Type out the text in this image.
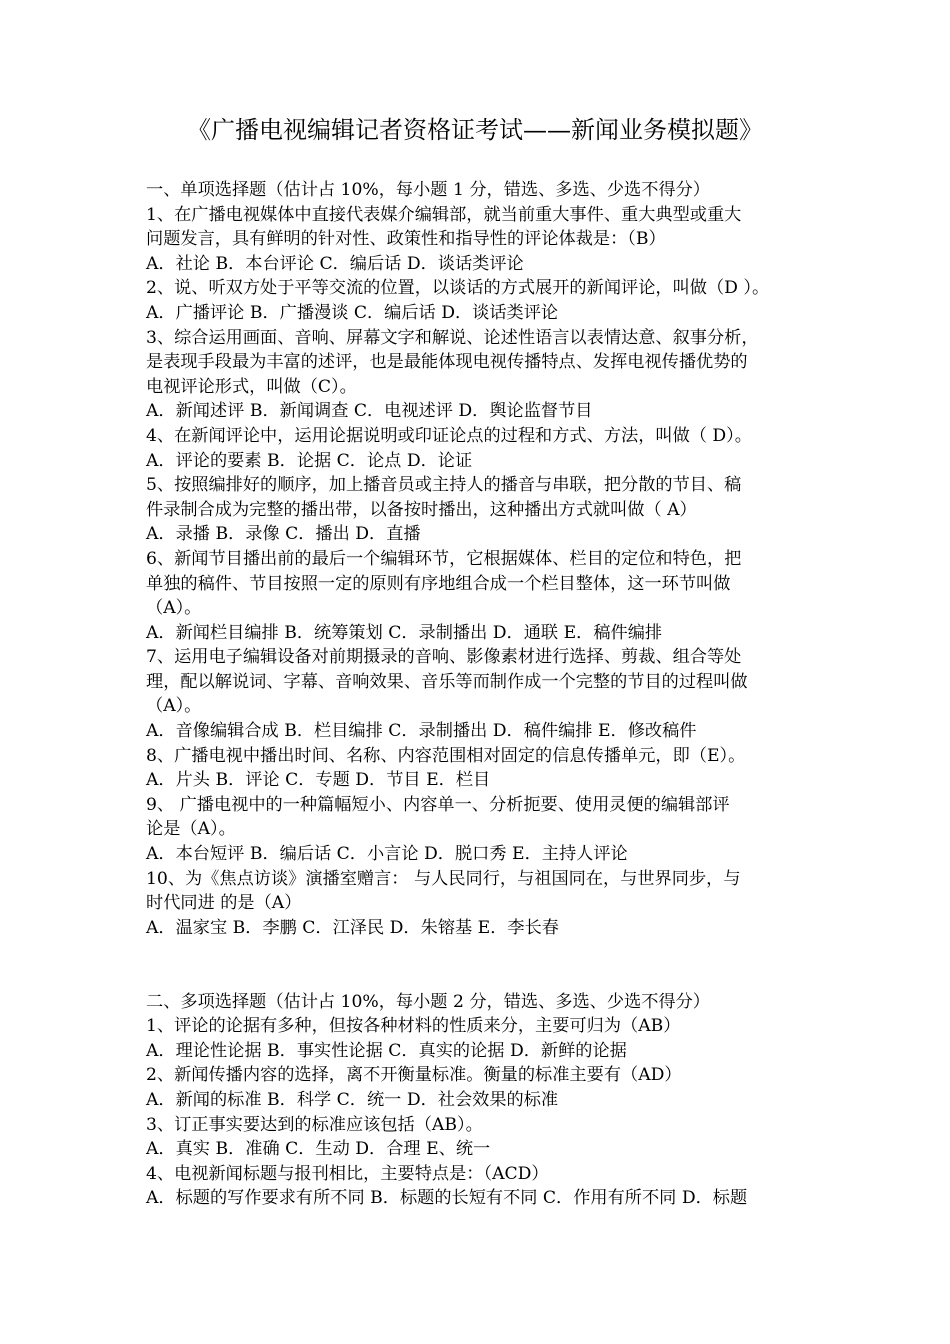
《广播电视编辑记者资格证考试——新闻业务模拟题》
一、单项选择题（估计占 10%，每小题 1 分，错选、多选、少选不得分）
1、在广播电视媒体中直接代表媒介编辑部，就当前重大事件、重大典型或重大
问题发言，具有鲜明的针对性、政策性和指导性的评论体裁是：（B）
A．社论 B．本台评论 C．编后话 D．谈话类评论
2、说、听双方处于平等交流的位置，以谈话的方式展开的新闻评论，叫做（D ）。
A．广播评论 B．广播漫谈 C．编后话 D．谈话类评论
3、综合运用画面、音响、屏幕文字和解说、论述性语言以表情达意、叙事分析，
是表现手段最为丰富的述评，也是最能体现电视传播特点、发挥电视传播优势的
电视评论形式，叫做（C）。
A．新闻述评 B．新闻调查 C．电视述评 D．舆论监督节目
4、在新闻评论中，运用论据说明或印证论点的过程和方式、方法，叫做（ D）。
A．评论的要素 B．论据 C．论点 D．论证
5、按照编排好的顺序，加上播音员或主持人的播音与串联，把分散的节目、稿
件录制合成为完整的播出带，以备按时播出，这种播出方式就叫做（ A）
A．录播 B．录像 C．播出 D．直播
6、新闻节目播出前的最后一个编辑环节，它根据媒体、栏目的定位和特色，把
单独的稿件、节目按照一定的原则有序地组合成一个栏目整体，这一环节叫做
（A）。
A．新闻栏目编排 B．统筹策划 C．录制播出 D．通联 E．稿件编排
7、运用电子编辑设备对前期摄录的音响、影像素材进行选择、剪裁、组合等处
理，配以解说词、字幕、音响效果、音乐等而制作成一个完整的节目的过程叫做
（A）。
A．音像编辑合成 B．栏目编排 C．录制播出 D．稿件编排 E．修改稿件
8、广播电视中播出时间、名称、内容范围相对固定的信息传播单元，即（E）。
A．片头 B．评论 C．专题 D．节目 E．栏目
9、 广播电视中的一种篇幅短小、内容单一、分析扼要、使用灵便的编辑部评
论是（A）。
A．本台短评 B．编后话 C．小言论 D．脱口秀 E．主持人评论
10、为《焦点访谈》演播室赠言： 与人民同行，与祖国同在，与世界同步，与
时代同进 的是（A）
A．温家宝 B．李鹏 C．江泽民 D．朱镕基 E．李长春
二、多项选择题（估计占 10%，每小题 2 分，错选、多选、少选不得分）
1、评论的论据有多种，但按各种材料的性质来分，主要可归为（AB）
A．理论性论据 B．事实性论据 C．真实的论据 D．新鲜的论据
2、新闻传播内容的选择，离不开衡量标准。衡量的标准主要有（AD）
A．新闻的标准 B．科学 C．统一 D．社会效果的标准
3、订正事实要达到的标准应该包括（AB）。
A．真实 B．准确 C．生动 D．合理 E、统一
4、电视新闻标题与报刊相比，主要特点是：（ACD）
A．标题的写作要求有所不同 B．标题的长短有不同 C．作用有所不同 D．标题
